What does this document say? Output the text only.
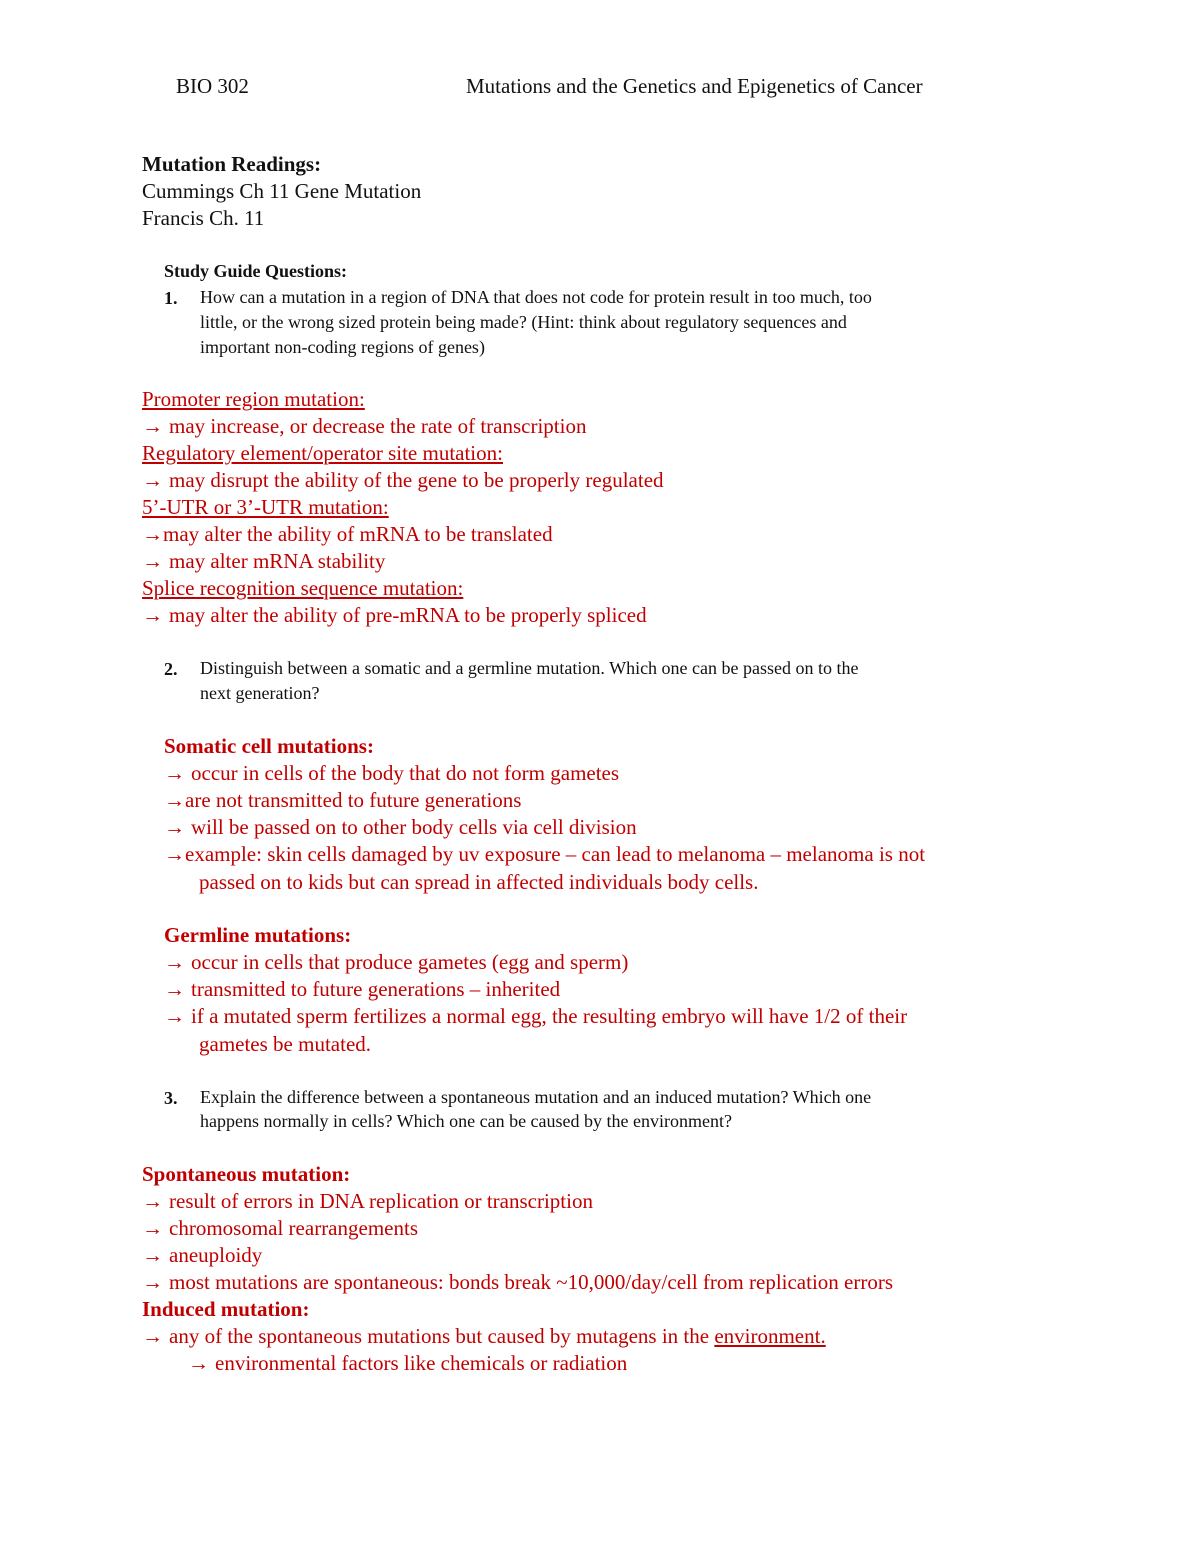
BIO 302	Mutations and the Genetics and Epigenetics of Cancer
Mutation Readings:
Cummings Ch 11 Gene Mutation
Francis Ch. 11
Study Guide Questions:
1. How can a mutation in a region of DNA that does not code for protein result in too much, too
little, or the wrong sized protein being made? (Hint: think about regulatory sequences and
important non-coding regions of genes)
Promoter region mutation:
→ may increase, or decrease the rate of transcription
Regulatory element/operator site mutation:
→ may disrupt the ability of the gene to be properly regulated
5’-UTR or 3’-UTR mutation:
→may alter the ability of mRNA to be translated
→ may alter mRNA stability
Splice recognition sequence mutation:
→ may alter the ability of pre-mRNA to be properly spliced
2. Distinguish between a somatic and a germline mutation. Which one can be passed on to the
next generation?
Somatic cell mutations:
→ occur in cells of the body that do not form gametes
→are not transmitted to future generations
→ will be passed on to other body cells via cell division
→example: skin cells damaged by uv exposure – can lead to melanoma – melanoma is not
passed on to kids but can spread in affected individuals body cells.
Germline mutations:
→ occur in cells that produce gametes (egg and sperm)
→ transmitted to future generations – inherited
→ if a mutated sperm fertilizes a normal egg, the resulting embryo will have 1/2 of their
gametes be mutated.
3. Explain the difference between a spontaneous mutation and an induced mutation? Which one
happens normally in cells? Which one can be caused by the environment?
Spontaneous mutation:
→ result of errors in DNA replication or transcription
→ chromosomal rearrangements
→ aneuploidy
→ most mutations are spontaneous: bonds break ~10,000/day/cell from replication errors
Induced mutation:
→ any of the spontaneous mutations but caused by mutagens in the environment.
→ environmental factors like chemicals or radiation
